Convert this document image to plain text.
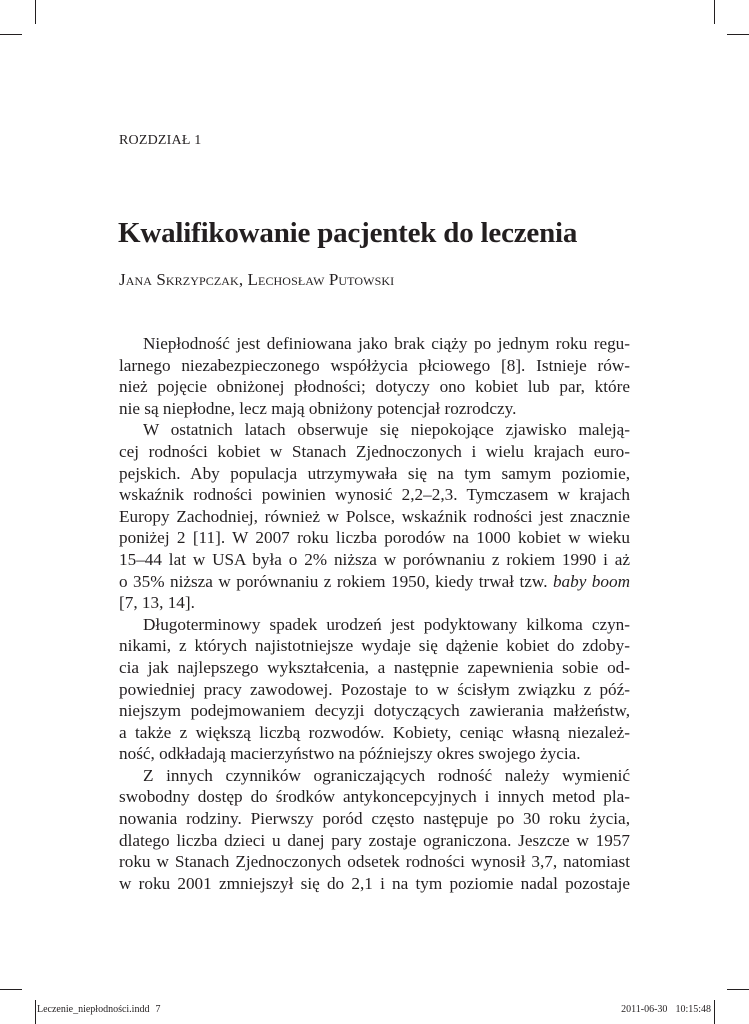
ROZDZIAŁ 1
Kwalifikowanie pacjentek do leczenia
Jana Skrzypczak, Lechosław Putowski
Niepłodność jest definiowana jako brak ciąży po jednym roku regu-
larnego niezabezpieczonego współżycia płciowego [8]. Istnieje rów-
nież pojęcie obniżonej płodności; dotyczy ono kobiet lub par, które
nie są niepłodne, lecz mają obniżony potencjał rozrodczy.
W ostatnich latach obserwuje się niepokojące zjawisko maleją-
cej rodności kobiet w Stanach Zjednoczonych i wielu krajach euro-
pejskich. Aby populacja utrzymywała się na tym samym poziomie,
wskaźnik rodności powinien wynosić 2,2–2,3. Tymczasem w krajach
Europy Zachodniej, również w Polsce, wskaźnik rodności jest znacznie
poniżej 2 [11]. W 2007 roku liczba porodów na 1000 kobiet w wieku
15–44 lat w USA była o 2% niższa w porównaniu z rokiem 1990 i aż
o 35% niższa w porównaniu z rokiem 1950, kiedy trwał tzw. baby boom
[7, 13, 14].
Długoterminowy spadek urodzeń jest podyktowany kilkoma czyn-
nikami, z których najistotniejsze wydaje się dążenie kobiet do zdoby-
cia jak najlepszego wykształcenia, a następnie zapewnienia sobie od-
powiedniej pracy zawodowej. Pozostaje to w ścisłym związku z póź-
niejszym podejmowaniem decyzji dotyczących zawierania małżeństw,
a także z większą liczbą rozwodów. Kobiety, ceniąc własną niezależ-
ność, odkładają macierzyństwo na późniejszy okres swojego życia.
Z innych czynników ograniczających rodność należy wymienić
swobodny dostęp do środków antykoncepcyjnych i innych metod pla-
nowania rodziny. Pierwszy poród często następuje po 30 roku życia,
dlatego liczba dzieci u danej pary zostaje ograniczona. Jeszcze w 1957
roku w Stanach Zjednoczonych odsetek rodności wynosił 3,7, natomiast
w roku 2001 zmniejszył się do 2,1 i na tym poziomie nadal pozostaje
Leczenie_niepłodności.indd 7	2011-06-30 10:15:48
